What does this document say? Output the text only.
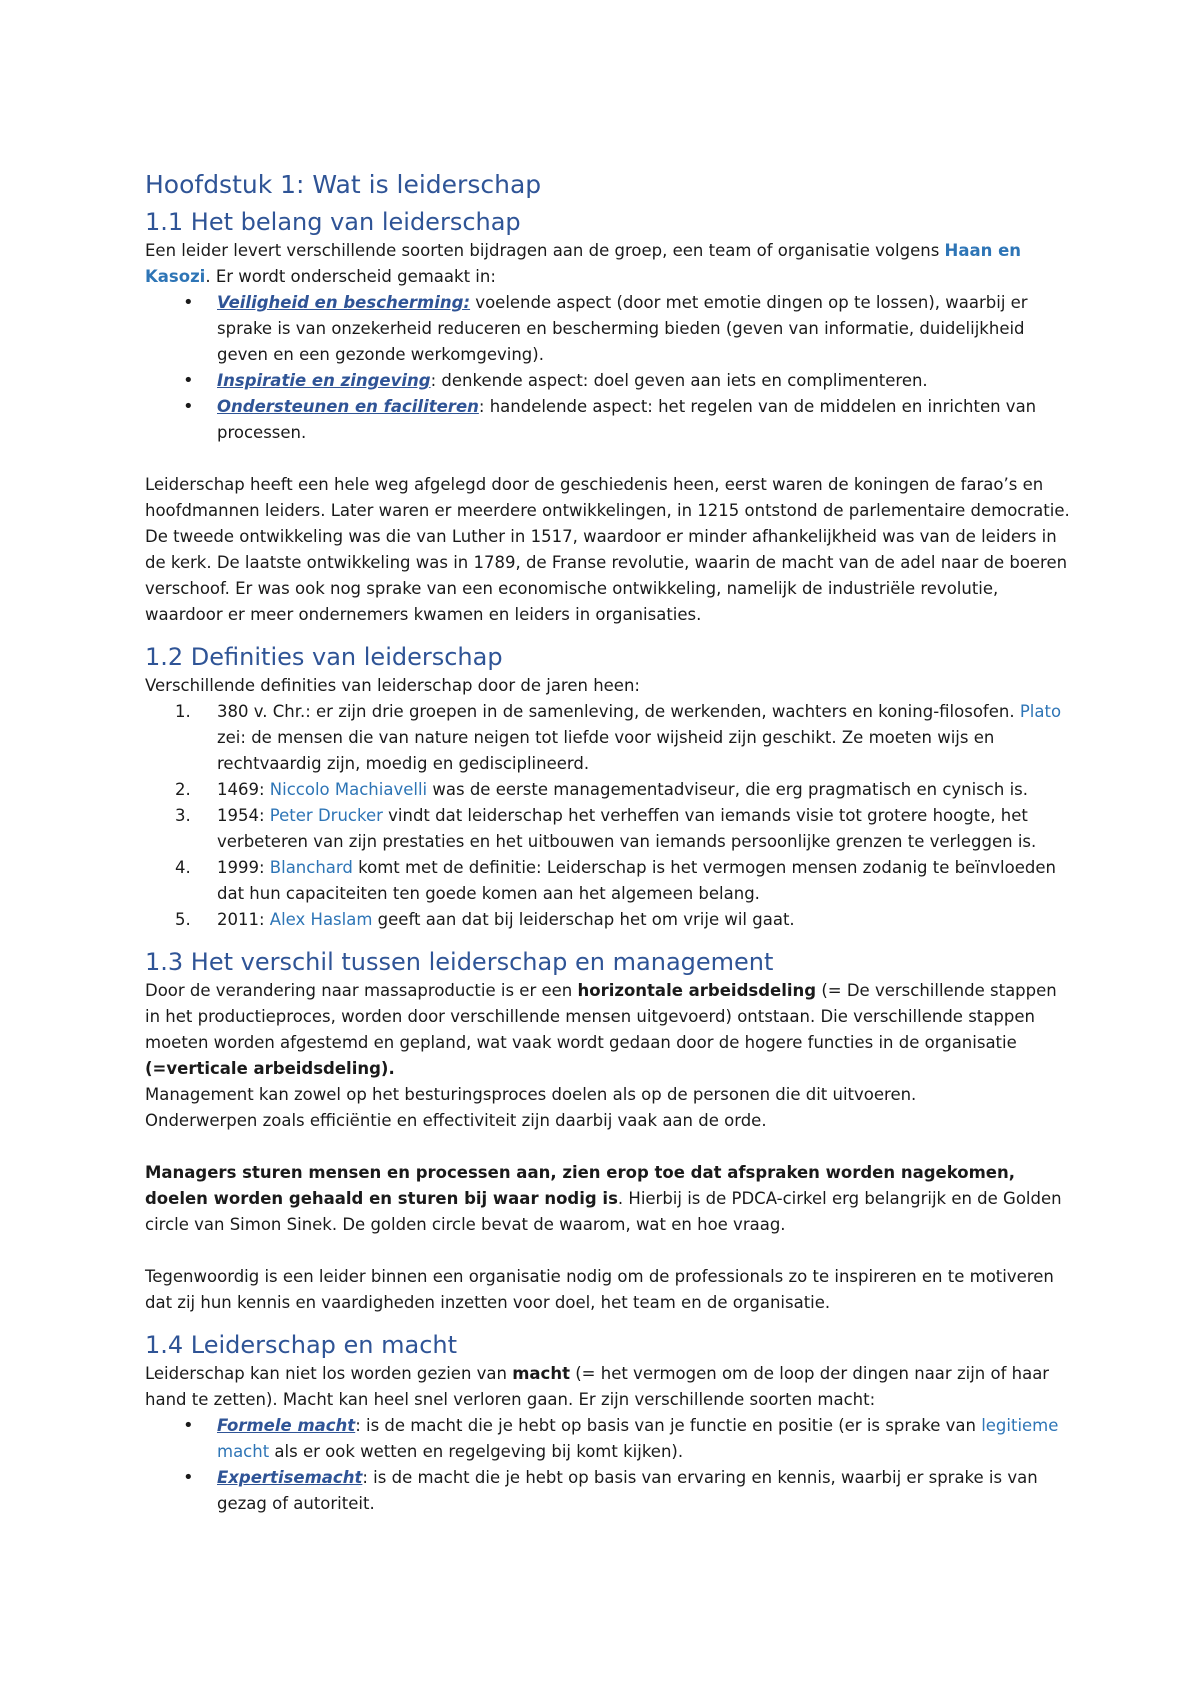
Hoofdstuk 1: Wat is leiderschap
1.1 Het belang van leiderschap

Een leider levert verschillende soorten bijdragen aan de groep, een team of organisatie volgens Haan en Kasozi. Er wordt onderscheid gemaakt in:

• Veiligheid en bescherming: voelende aspect (door met emotie dingen op te lossen), waarbij er sprake is van onzekerheid reduceren en bescherming bieden (geven van informatie, duidelijkheid geven en een gezonde werkomgeving).
• Inspiratie en zingeving: denkende aspect: doel geven aan iets en complimenteren.
• Ondersteunen en faciliteren: handelende aspect: het regelen van de middelen en inrichten van processen.

Leiderschap heeft een hele weg afgelegd door de geschiedenis heen, eerst waren de koningen de farao’s en hoofdmannen leiders. Later waren er meerdere ontwikkelingen, in 1215 ontstond de parlementaire democratie. De tweede ontwikkeling was die van Luther in 1517, waardoor er minder afhankelijkheid was van de leiders in de kerk. De laatste ontwikkeling was in 1789, de Franse revolutie, waarin de macht van de adel naar de boeren verschoof. Er was ook nog sprake van een economische ontwikkeling, namelijk de industriële revolutie, waardoor er meer ondernemers kwamen en leiders in organisaties.

1.2 Definities van leiderschap

Verschillende definities van leiderschap door de jaren heen:

1. 380 v. Chr.: er zijn drie groepen in de samenleving, de werkenden, wachters en koning-filosofen. Plato zei: de mensen die van nature neigen tot liefde voor wijsheid zijn geschikt. Ze moeten wijs en rechtvaardig zijn, moedig en gedisciplineerd.
2. 1469: Niccolo Machiavelli was de eerste managementadviseur, die erg pragmatisch en cynisch is.
3. 1954: Peter Drucker vindt dat leiderschap het verheffen van iemands visie tot grotere hoogte, het verbeteren van zijn prestaties en het uitbouwen van iemands persoonlijke grenzen te verleggen is.
4. 1999: Blanchard komt met de definitie: Leiderschap is het vermogen mensen zodanig te beïnvloeden dat hun capaciteiten ten goede komen aan het algemeen belang.
5. 2011: Alex Haslam geeft aan dat bij leiderschap het om vrije wil gaat.
1.3 Het verschil tussen leiderschap en management

Door de verandering naar massaproductie is er een horizontale arbeidsdeling (= De verschillende stappen in het productieproces, worden door verschillende mensen uitgevoerd) ontstaan. Die verschillende stappen moeten worden afgestemd en gepland, wat vaak wordt gedaan door de hogere functies in de organisatie (=verticale arbeidsdeling).

Management kan zowel op het besturingsproces doelen als op de personen die dit uitvoeren.

Onderwerpen zoals efficiëntie en effectiviteit zijn daarbij vaak aan de orde.

Managers sturen mensen en processen aan, zien erop toe dat afspraken worden nagekomen, doelen worden gehaald en sturen bij waar nodig is. Hierbij is de PDCA-cirkel erg belangrijk en de Golden circle van Simon Sinek. De golden circle bevat de waarom, wat en hoe vraag.

Tegenwoordig is een leider binnen een organisatie nodig om de professionals zo te inspireren en te motiveren dat zij hun kennis en vaardigheden inzetten voor doel, het team en de organisatie.

1.4 Leiderschap en macht

Leiderschap kan niet los worden gezien van macht (= het vermogen om de loop der dingen naar zijn of haar hand te zetten). Macht kan heel snel verloren gaan. Er zijn verschillende soorten macht:

• Formele macht: is de macht die je hebt op basis van je functie en positie (er is sprake van legitieme macht als er ook wetten en regelgeving bij komt kijken).
• Expertisemacht: is de macht die je hebt op basis van ervaring en kennis, waarbij er sprake is van gezag of autoriteit.
